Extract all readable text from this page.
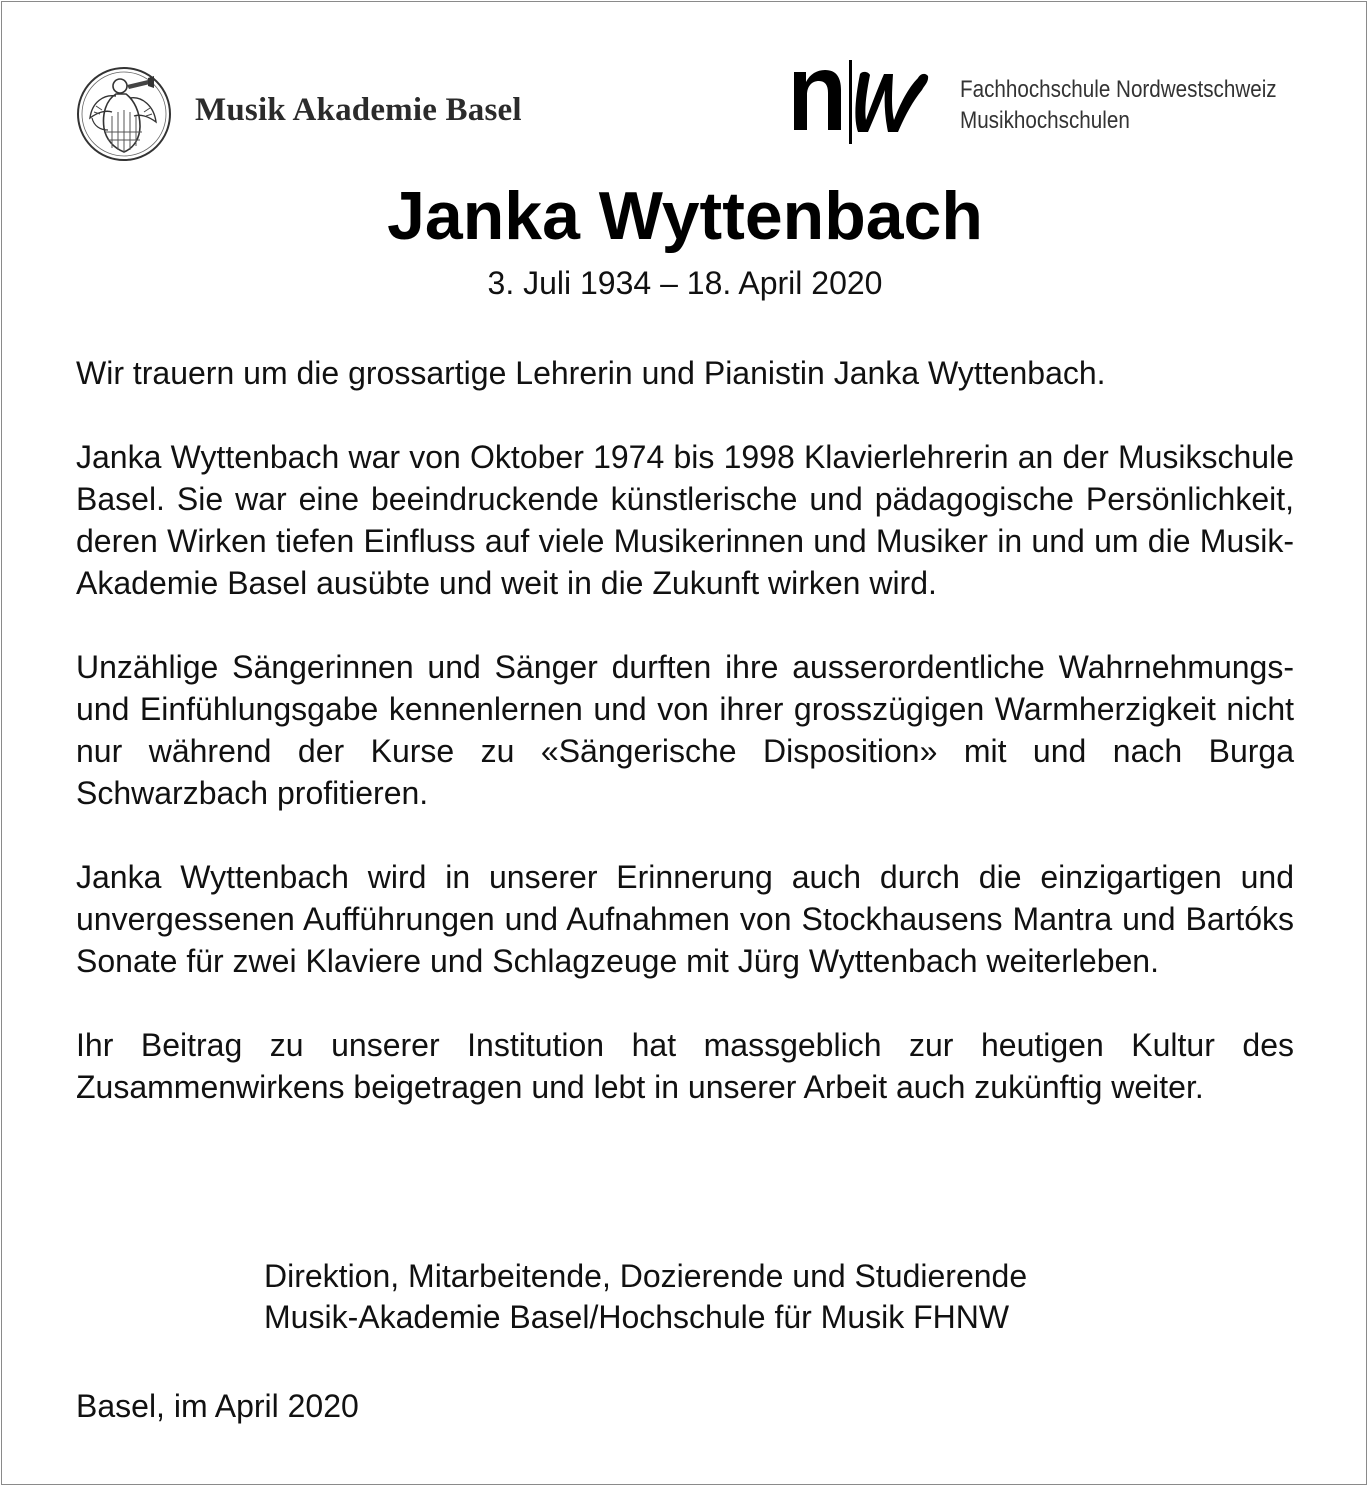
Musik Akademie Basel
Fachhochschule Nordwestschweiz
Musikhochschulen
Janka Wyttenbach
3. Juli 1934 – 18. April 2020

Wir trauern um die grossartige Lehrerin und Pianistin Janka Wyttenbach.

Janka Wyttenbach war von Oktober 1974 bis 1998 Klavierlehrerin an der Musikschule Basel. Sie war eine beeindruckende künstlerische und pädagogische Persönlichkeit, deren Wirken tiefen Einfluss auf viele Musikerinnen und Musiker in und um die Musik-Akademie Basel ausübte und weit in die Zukunft wirken wird.

Unzählige Sängerinnen und Sänger durften ihre ausserordentliche Wahrnehmungs- und Einfühlungsgabe kennenlernen und von ihrer grosszügigen Warmherzigkeit nicht nur während der Kurse zu «Sängerische Disposition» mit und nach Burga Schwarzbach profitieren.

Janka Wyttenbach wird in unserer Erinnerung auch durch die einzigartigen und unvergessenen Aufführungen und Aufnahmen von Stockhausens Mantra und Bartóks Sonate für zwei Klaviere und Schlagzeuge mit Jürg Wyttenbach weiterleben.

Ihr Beitrag zu unserer Institution hat massgeblich zur heutigen Kultur des Zusammenwirkens beigetragen und lebt in unserer Arbeit auch zukünftig weiter.

Direktion, Mitarbeitende, Dozierende und Studierende
Musik-Akademie Basel/Hochschule für Musik FHNW
Basel, im April 2020
